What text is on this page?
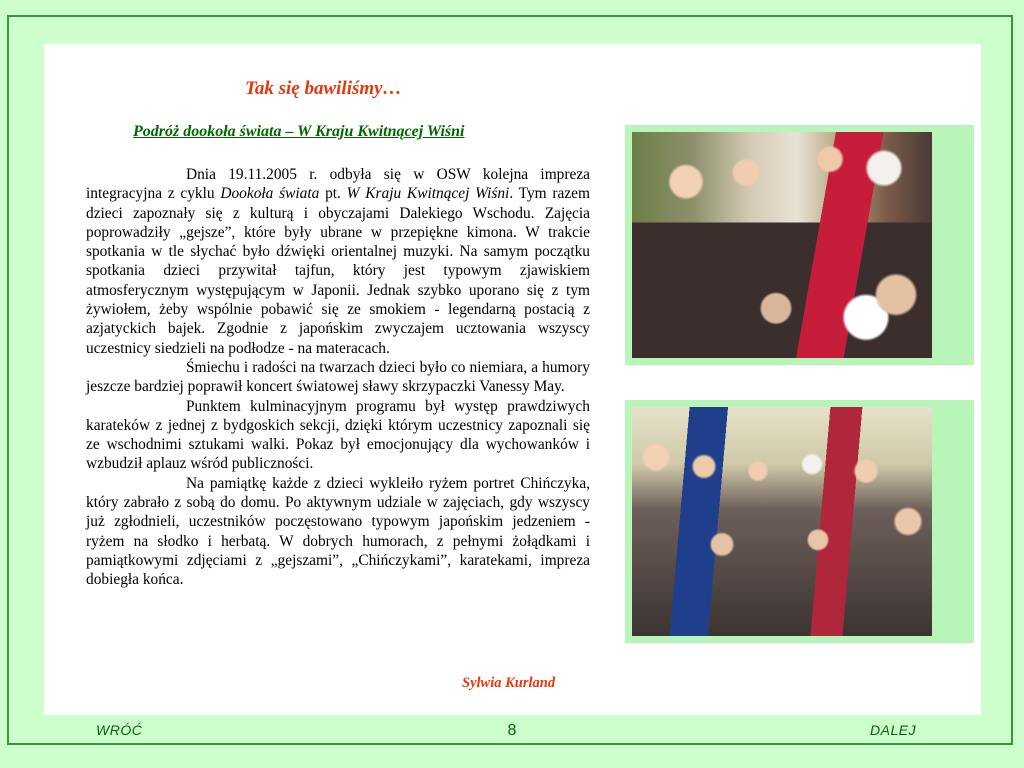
Tak się bawiliśmy…
Podróż dookoła świata – W Kraju Kwitnącej Wiśni

Dnia 19.11.2005 r. odbyła się w OSW kolejna impreza integracyjna z cyklu Dookoła świata pt. W Kraju Kwitnącej Wiśni. Tym razem dzieci zapoznały się z kulturą i obyczajami Dalekiego Wschodu. Zajęcia poprowadziły „gejsze”, które były ubrane w przepiękne kimona. W trakcie spotkania w tle słychać było dźwięki orientalnej muzyki. Na samym początku spotkania dzieci przywitał tajfun, który jest typowym zjawiskiem atmosferycznym występującym w Japonii. Jednak szybko uporano się z tym żywiołem, żeby wspólnie pobawić się ze smokiem - legendarną postacią z azjatyckich bajek. Zgodnie z japońskim zwyczajem ucztowania wszyscy uczestnicy siedzieli na podłodze - na materacach.

Śmiechu i radości na twarzach dzieci było co niemiara, a humory jeszcze bardziej poprawił koncert światowej sławy skrzypaczki Vanessy May.

Punktem kulminacyjnym programu był występ prawdziwych karateków z jednej z bydgoskich sekcji, dzięki którym uczestnicy zapoznali się ze wschodnimi sztukami walki. Pokaz był emocjonujący dla wychowanków i wzbudził aplauz wśród publiczności.

Na pamiątkę każde z dzieci wykleiło ryżem portret Chińczyka, który zabrało z sobą do domu. Po aktywnym udziale w zajęciach, gdy wszyscy już zgłodnieli, uczestników poczęstowano typowym japońskim jedzeniem - ryżem na słodko i herbatą. W dobrych humorach, z pełnymi żołądkami i pamiątkowymi zdjęciami z „gejszami”, „Chińczykami”, karatekami, impreza dobiegła końca.

Sylwia Kurland

WRÓĆ	8	DALEJ
